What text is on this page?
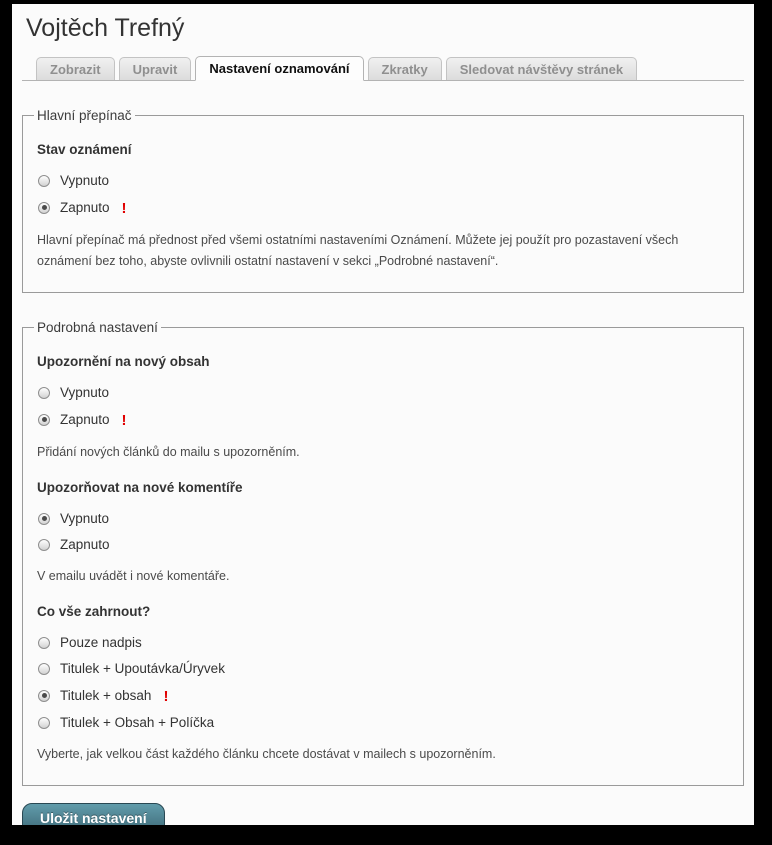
Vojtěch Trefný
Zobrazit	Upravit	Nastavení oznamování	Zkratky	Sledovat návštěvy stránek
Hlavní přepínač
Stav oznámení
Vypnuto
Zapnuto !
Hlavní přepínač má přednost před všemi ostatními nastaveními Oznámení. Můžete jej použít pro pozastavení všech oznámení bez toho, abyste ovlivnili ostatní nastavení v sekci „Podrobné nastavení“.
Podrobná nastavení
Upozornění na nový obsah
Vypnuto
Zapnuto !
Přidání nových článků do mailu s upozorněním.
Upozorňovat na nové komentíře
Vypnuto
Zapnuto
V emailu uvádět i nové komentáře.
Co vše zahrnout?
Pouze nadpis
Titulek + Upoutávka/Úryvek
Titulek + obsah !
Titulek + Obsah + Políčka
Vyberte, jak velkou část každého článku chcete dostávat v mailech s upozorněním.
Uložit nastavení
